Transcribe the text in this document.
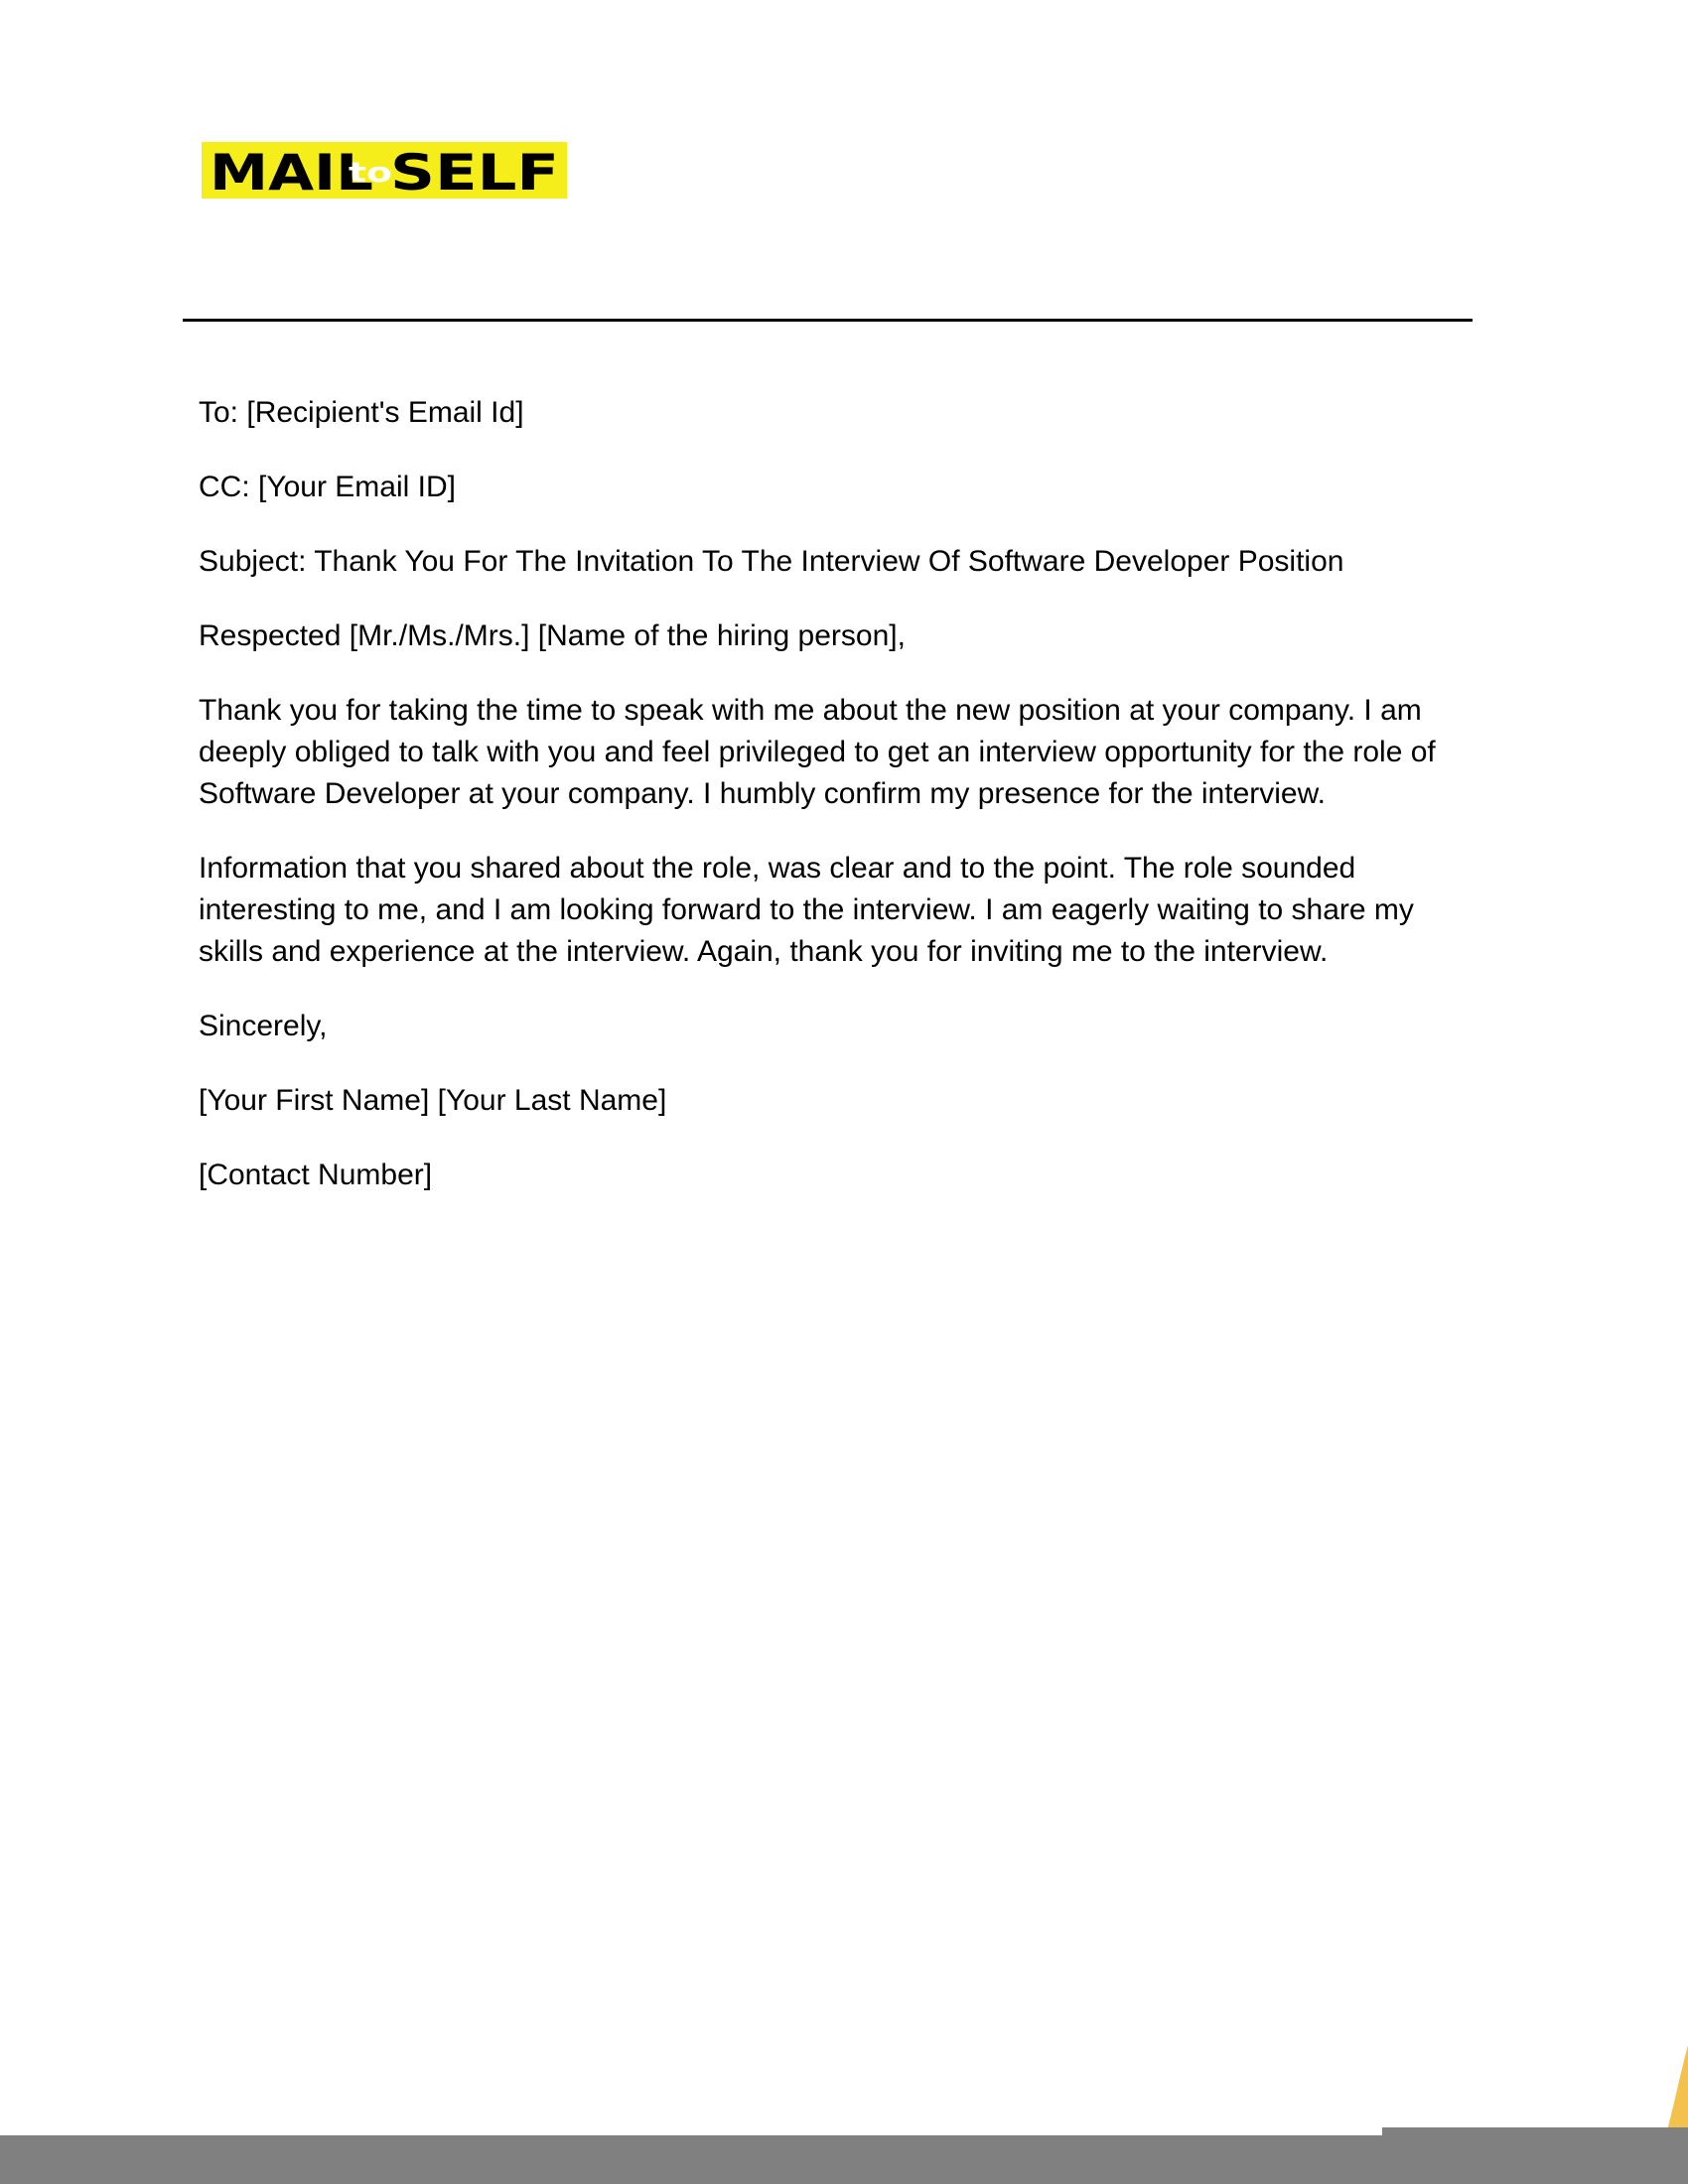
MAIL
to
SELF

To: [Recipient's Email Id]

CC: [Your Email ID]

Subject: Thank You For The Invitation To The Interview Of Software Developer Position

Respected [Mr./Ms./Mrs.] [Name of the hiring person],

Thank you for taking the time to speak with me about the new position at your company. I am deeply obliged to talk with you and feel privileged to get an interview opportunity for the role of Software Developer at your company. I humbly confirm my presence for the interview.

Information that you shared about the role, was clear and to the point. The role sounded interesting to me, and I am looking forward to the interview. I am eagerly waiting to share my skills and experience at the interview. Again, thank you for inviting me to the interview.

Sincerely,

[Your First Name] [Your Last Name]

[Contact Number]
